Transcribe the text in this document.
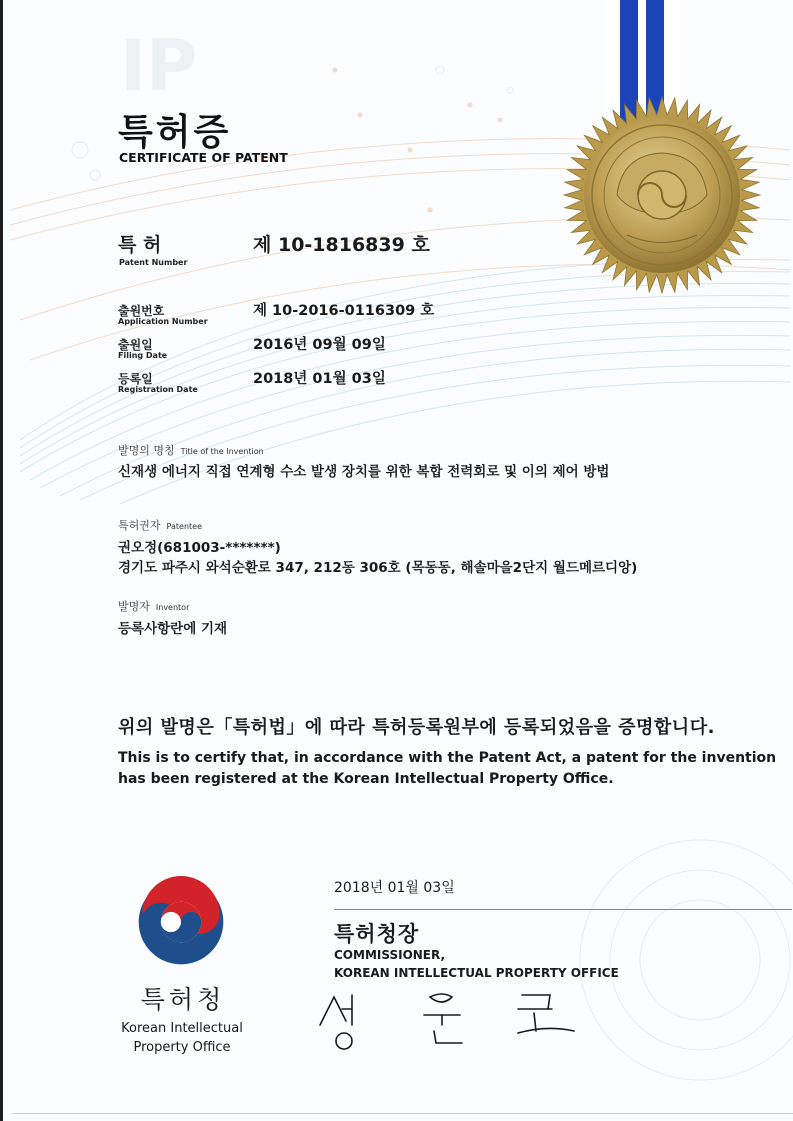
IP
특허증
CERTIFICATE OF PATENT
특 허
Patent Number
제 10-1816839 호
출원번호
Application Number
제 10-2016-0116309 호
출원일
Filing Date
2016년 09월 09일
등록일
Registration Date
2018년 01월 03일
발명의 명칭 Title of the Invention
신재생 에너지 직접 연계형 수소 발생 장치를 위한 복합 전력회로 및 이의 제어 방법
특허권자 Patentee
권오정(681003-*******)
경기도 파주시 와석순환로 347, 212동 306호 (목동동, 해솔마을2단지 월드메르디앙)
발명자 Inventor
등록사항란에 기재
위의 발명은「특허법」에 따라 특허등록원부에 등록되었음을 증명합니다.
This is to certify that, in accordance with the Patent Act, a patent for the invention
has been registered at the Korean Intellectual Property Office.
특허청
Korean Intellectual
Property Office
2018년 01월 03일
특허청장
COMMISSIONER,
KOREAN INTELLECTUAL PROPERTY OFFICE
